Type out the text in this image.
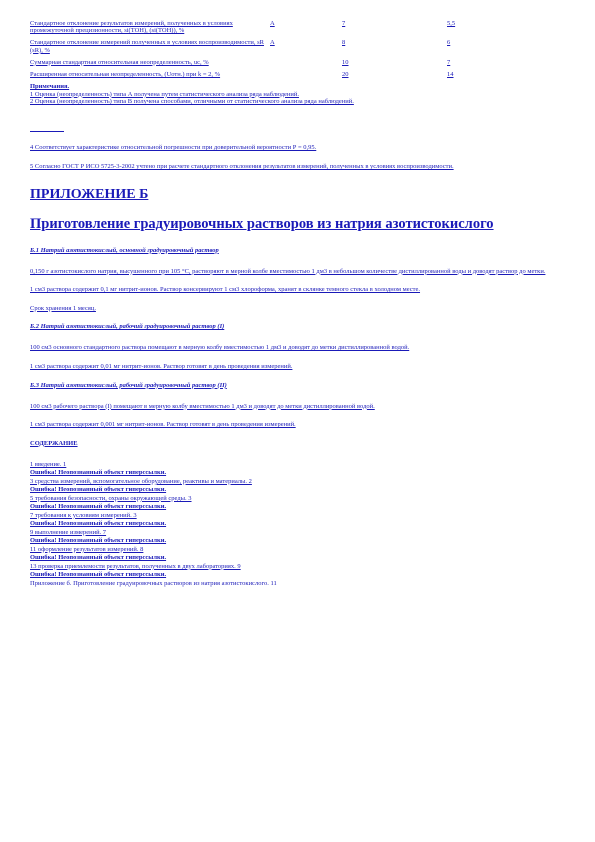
Стандартное отклонение результатов измерений, полученных в условиях промежуточной прецизионности, si(TOH), (si(TOH)), %	А	7	5,5
Стандартное отклонение измерений полученных в условиях воспроизводимости, sR (sR), %	А	8	6
Суммарная стандартная относительная неопределенность, uc, %		10	7
Расширенная относительная неопределенность, (Uотн.) при k = 2, %		20	14

Примечания.

1 Оценка (неопределенность) типа А получена путем статистического анализа ряда наблюдений.

2 Оценка (неопределенность) типа В получена способами, отличными от статистического анализа ряда наблюдений.

4 Соответствует характеристике относительной погрешности при доверительной вероятности Р = 0,95.

5 Согласно ГОСТ Р ИСО 5725-3-2002 учтено при расчете стандартного отклонения результатов измерений, полученных в условиях воспроизводимости.

ПРИЛОЖЕНИЕ Б
Приготовление градуировочных растворов из натрия азотистокислого
Б.1 Натрий азотистокислый, основной градуировочный раствор

0,150 г азотистокислого натрия, высушенного при 105 °С, растворяют в мерной колбе вместимостью 1 дм3 в небольшом количестве дистиллированной воды и доводят раствор до метки.

1 см3 раствора содержит 0,1 мг нитрит-ионов. Раствор консервируют 1 см3 хлороформа, хранят в склянке темного стекла в холодном месте.

Срок хранения 1 месяц.

Б.2 Натрий азотистокислый, рабочий градуировочный раствор (I)

100 см3 основного стандартного раствора помещают в мерную колбу вместимостью 1 дм3 и доводят до метки дистиллированной водой.

1 см3 раствора содержит 0,01 мг нитрит-ионов. Раствор готовят в день проведения измерений.

Б.3 Натрий азотистокислый, рабочий градуировочный раствор (II)

100 см3 рабочего раствора (I) помещают в мерную колбу вместимостью 1 дм3 и доводят до метки дистиллированной водой.

1 см3 раствора содержит 0,001 мг нитрит-ионов. Раствор готовят в день проведения измерений.

СОДЕРЖАНИЕ
1 введение. 1
Ошибка! Неопознанный объект гиперссылки.
3 средства измерений, вспомогательное оборудование, реактивы и материалы. 2
Ошибка! Неопознанный объект гиперссылки.
5 требования безопасности, охраны окружающей среды. 3
Ошибка! Неопознанный объект гиперссылки.
7 требования к условиям измерений. 3
Ошибка! Неопознанный объект гиперссылки.
9 выполнение измерений. 7
Ошибка! Неопознанный объект гиперссылки.
11 оформление результатов измерений. 8
Ошибка! Неопознанный объект гиперссылки.
13 проверка приемлемости результатов, полученных в двух лабораториях. 9
Ошибка! Неопознанный объект гиперссылки.
Приложение б. Приготовление градуировочных растворов из натрия азотистокислого. 11
